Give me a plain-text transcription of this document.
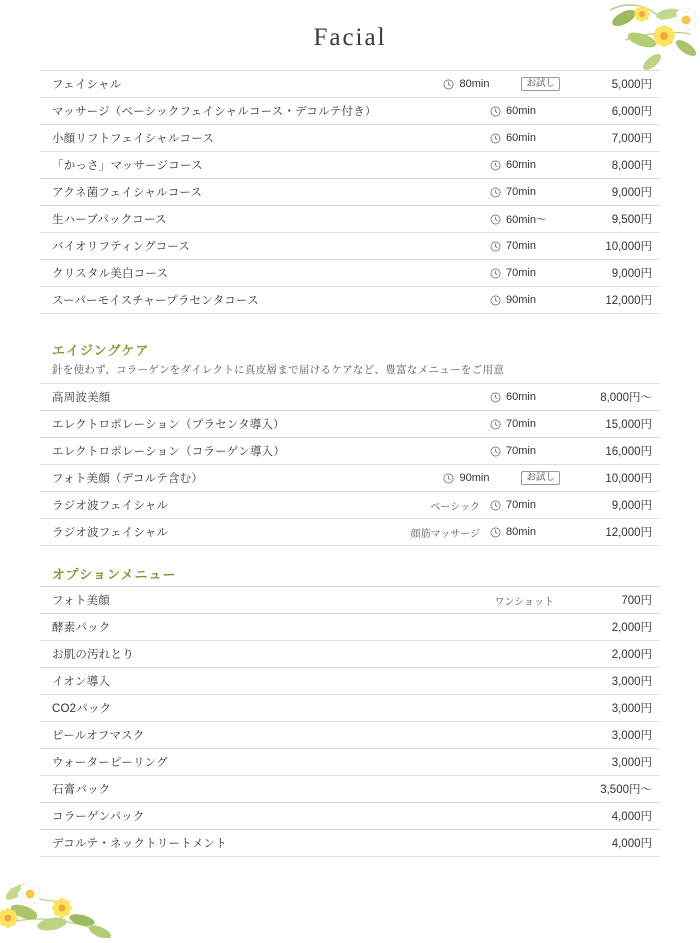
Facial
フェイシャル	80min	お試し	5,000円
マッサージ（ベーシックフェイシャルコース・デコルテ付き）	60min	6,000円
小顔リフトフェイシャルコース	60min	7,000円
「かっさ」マッサージコース	60min	8,000円
アクネ菌フェイシャルコース	70min	9,000円
生ハーブパックコース	60min〜	9,500円
バイオリフティングコース	70min	10,000円
クリスタル美白コース	70min	9,000円
スーパーモイスチャープラセンタコース	90min	12,000円
エイジングケア
針を使わず、コラーゲンをダイレクトに真皮層まで届けるケアなど、豊富なメニューをご用意
高周波美顔	60min	8,000円〜
エレクトロポレーション（プラセンタ導入）	70min	15,000円
エレクトロポレーション（コラーゲン導入）	70min	16,000円
フォト美顔（デコルテ含む）	90min	お試し	10,000円
ラジオ波フェイシャル	ベーシック	70min	9,000円
ラジオ波フェイシャル	顔筋マッサージ	80min	12,000円
オプションメニュー
フォト美顔	ワンショット	700円
酵素パック	2,000円
お肌の汚れとり	2,000円
イオン導入	3,000円
CO2パック	3,000円
ピールオフマスク	3,000円
ウォーターピーリング	3,000円
石膏パック	3,500円〜
コラーゲンパック	4,000円
デコルテ・ネックトリートメント	4,000円
